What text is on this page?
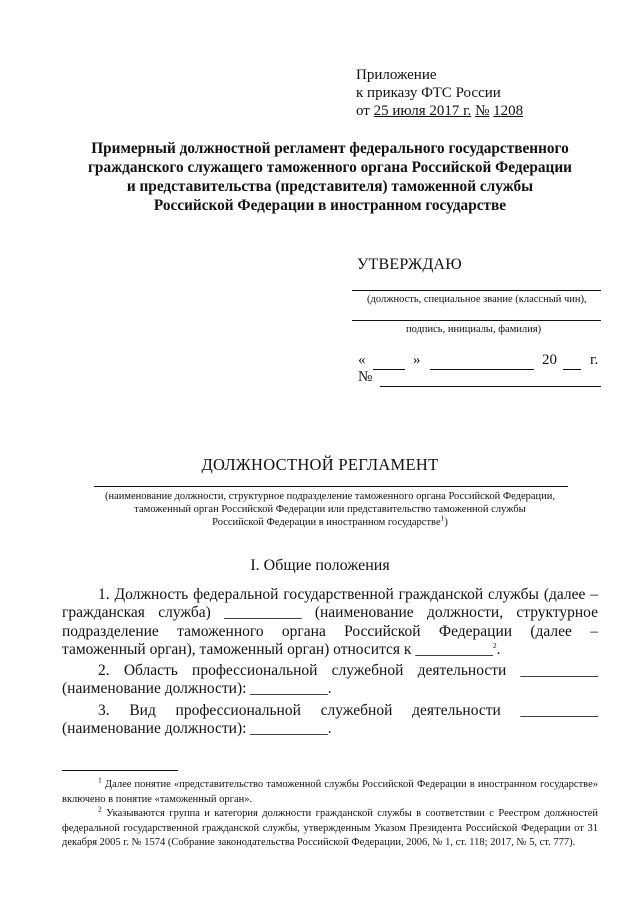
Приложение
к приказу ФТС России
от 25 июля 2017 г. № 1208
Примерный должностной регламент федерального государственного
гражданского служащего таможенного органа Российской Федерации
и представительства (представителя) таможенной службы
Российской Федерации в иностранном государстве
УТВЕРЖДАЮ
(должность, специальное звание (классный чин),
подпись, инициалы, фамилия)
«	»	20 г.
№
ДОЛЖНОСТНОЙ РЕГЛАМЕНТ
(наименование должности, структурное подразделение таможенного органа Российской Федерации,
таможенный орган Российской Федерации или представительство таможенной службы
Российской Федерации в иностранном государстве$^1$)
I. Общие положения

1. Должность федеральной государственной гражданской службы (далее – гражданская служба) __________ (наименование должности, структурное подразделение таможенного органа Российской Федерации (далее – таможенный орган), таможенный орган) относится к __________$^2$.

2. Область профессиональной служебной деятельности __________ (наименование должности): __________.

3. Вид профессиональной служебной деятельности __________ (наименование должности): __________.

$^1$ Далее понятие «представительство таможенной службы Российской Федерации в иностранном государстве» включено в понятие «таможенный орган».

$^2$ Указываются группа и категория должности гражданской службы в соответствии с Реестром должностей федеральной государственной гражданской службы, утвержденным Указом Президента Российской Федерации от 31 декабря 2005 г. № 1574 (Собрание законодательства Российской Федерации, 2006, № 1, ст. 118; 2017, № 5, ст. 777).
